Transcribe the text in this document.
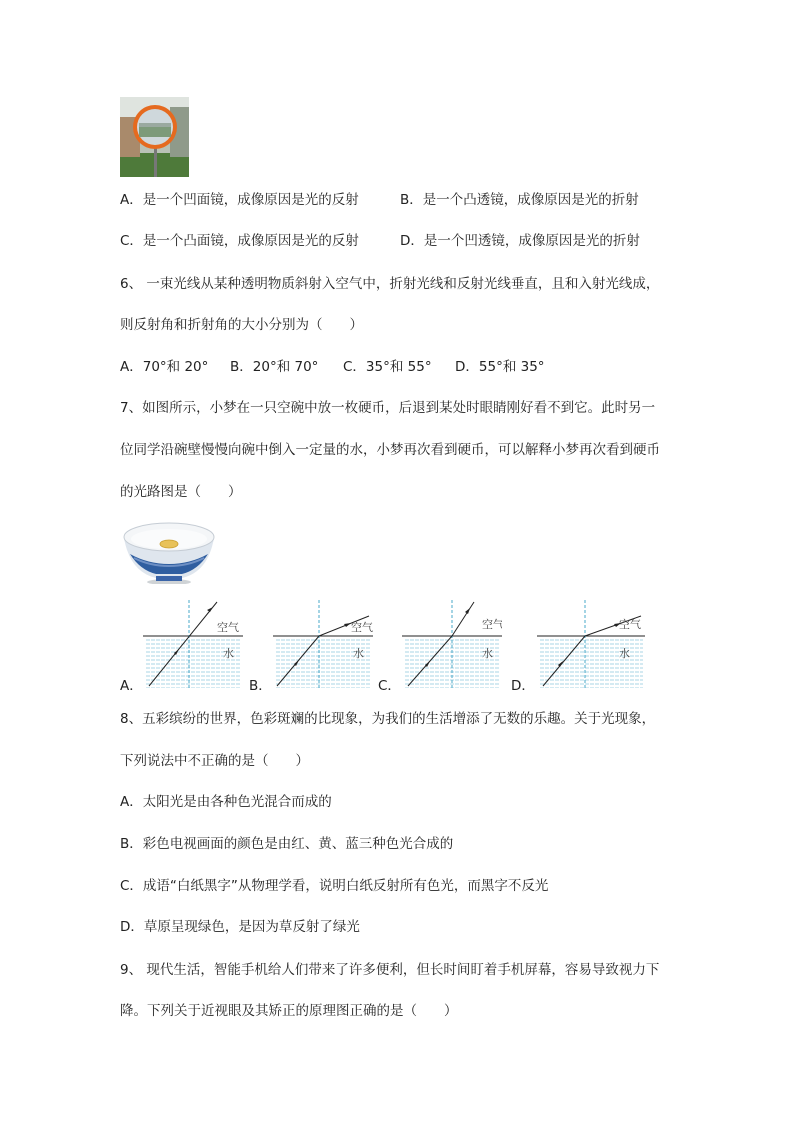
A．是一个凹面镜，成像原因是光的反射	B．是一个凸透镜，成像原因是光的折射
C．是一个凸面镜，成像原因是光的反射	D．是一个凹透镜，成像原因是光的折射
6、 一束光线从某种透明物质斜射入空气中，折射光线和反射光线垂直，且和入射光线成，
则反射角和折射角的大小分别为（　　）
A．70°和 20° B．20°和 70° C．35°和 55° D．55°和 35°
7、如图所示，小梦在一只空碗中放一枚硬币，后退到某处时眼睛刚好看不到它。此时另一
位同学沿碗壁慢慢向碗中倒入一定量的水，小梦再次看到硬币，可以解释小梦再次看到硬币
的光路图是（　　）
A．
空气
水
B．
空气
水
C．
空气
水
D．
空气
水
8、五彩缤纷的世界，色彩斑斓的比现象，为我们的生活增添了无数的乐趣。关于光现象，
下列说法中不正确的是（　　）
A．太阳光是由各种色光混合而成的
B．彩色电视画面的颜色是由红、黄、蓝三种色光合成的
C．成语“白纸黑字”从物理学看，说明白纸反射所有色光，而黑字不反光
D．草原呈现绿色，是因为草反射了绿光
9、 现代生活，智能手机给人们带来了许多便利，但长时间盯着手机屏幕，容易导致视力下
降。下列关于近视眼及其矫正的原理图正确的是（　　）
